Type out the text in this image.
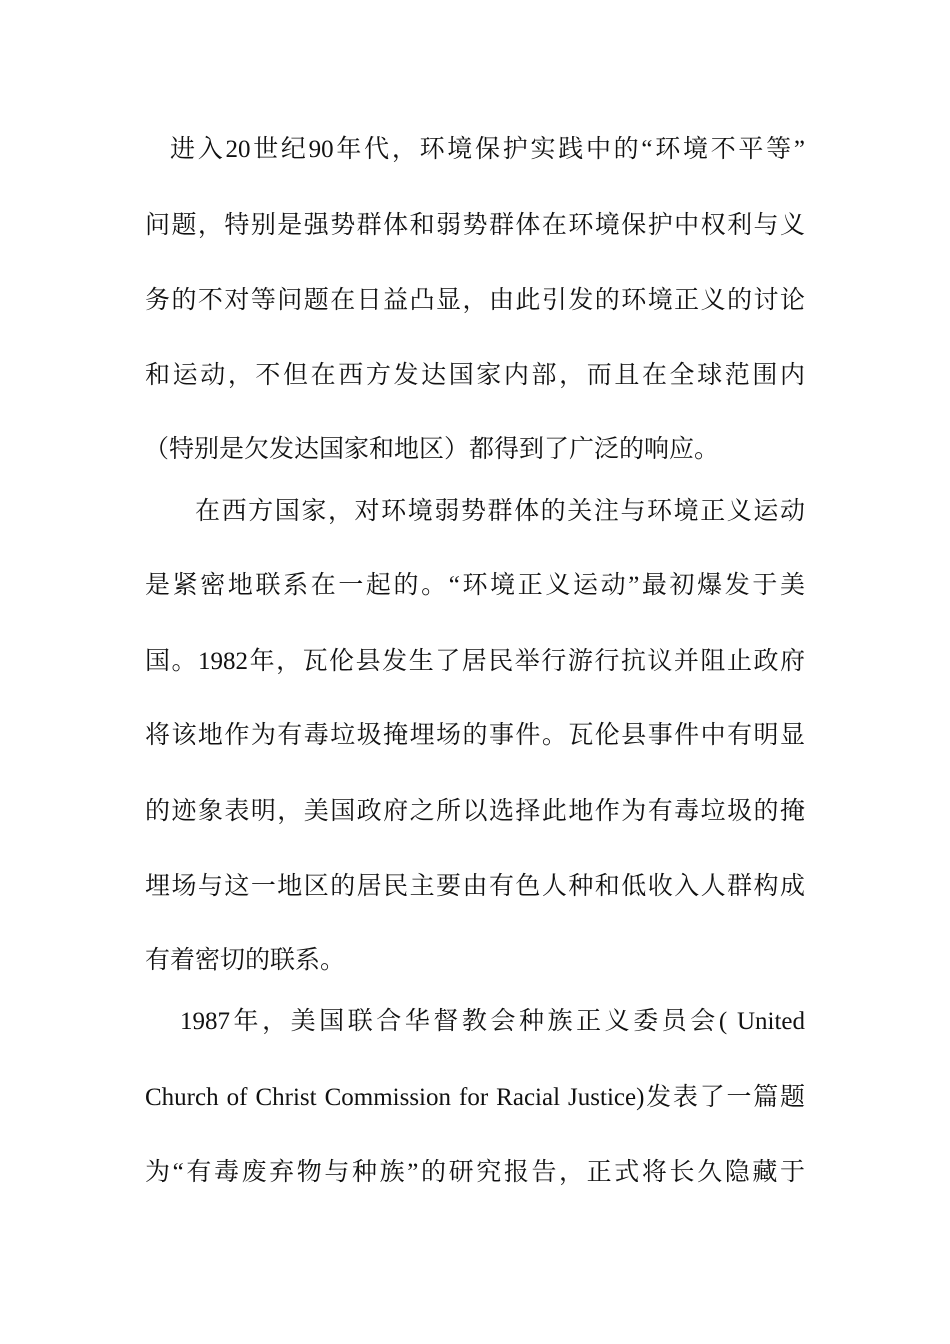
进入20世纪90年代，环境保护实践中的“环境不平等”
问题，特别是强势群体和弱势群体在环境保护中权利与义
务的不对等问题在日益凸显，由此引发的环境正义的讨论
和运动，不但在西方发达国家内部，而且在全球范围内
（特别是欠发达国家和地区）都得到了广泛的响应。
在西方国家，对环境弱势群体的关注与环境正义运动
是紧密地联系在一起的。“环境正义运动”最初爆发于美
国。1982年，瓦伦县发生了居民举行游行抗议并阻止政府
将该地作为有毒垃圾掩埋场的事件。瓦伦县事件中有明显
的迹象表明，美国政府之所以选择此地作为有毒垃圾的掩
埋场与这一地区的居民主要由有色人种和低收入人群构成
有着密切的联系。
1987年，美国联合华督教会种族正义委员会( United
Church of Christ Commission for Racial Justice)发表了一篇题
为“有毒废弃物与种族”的研究报告，正式将长久隐藏于
